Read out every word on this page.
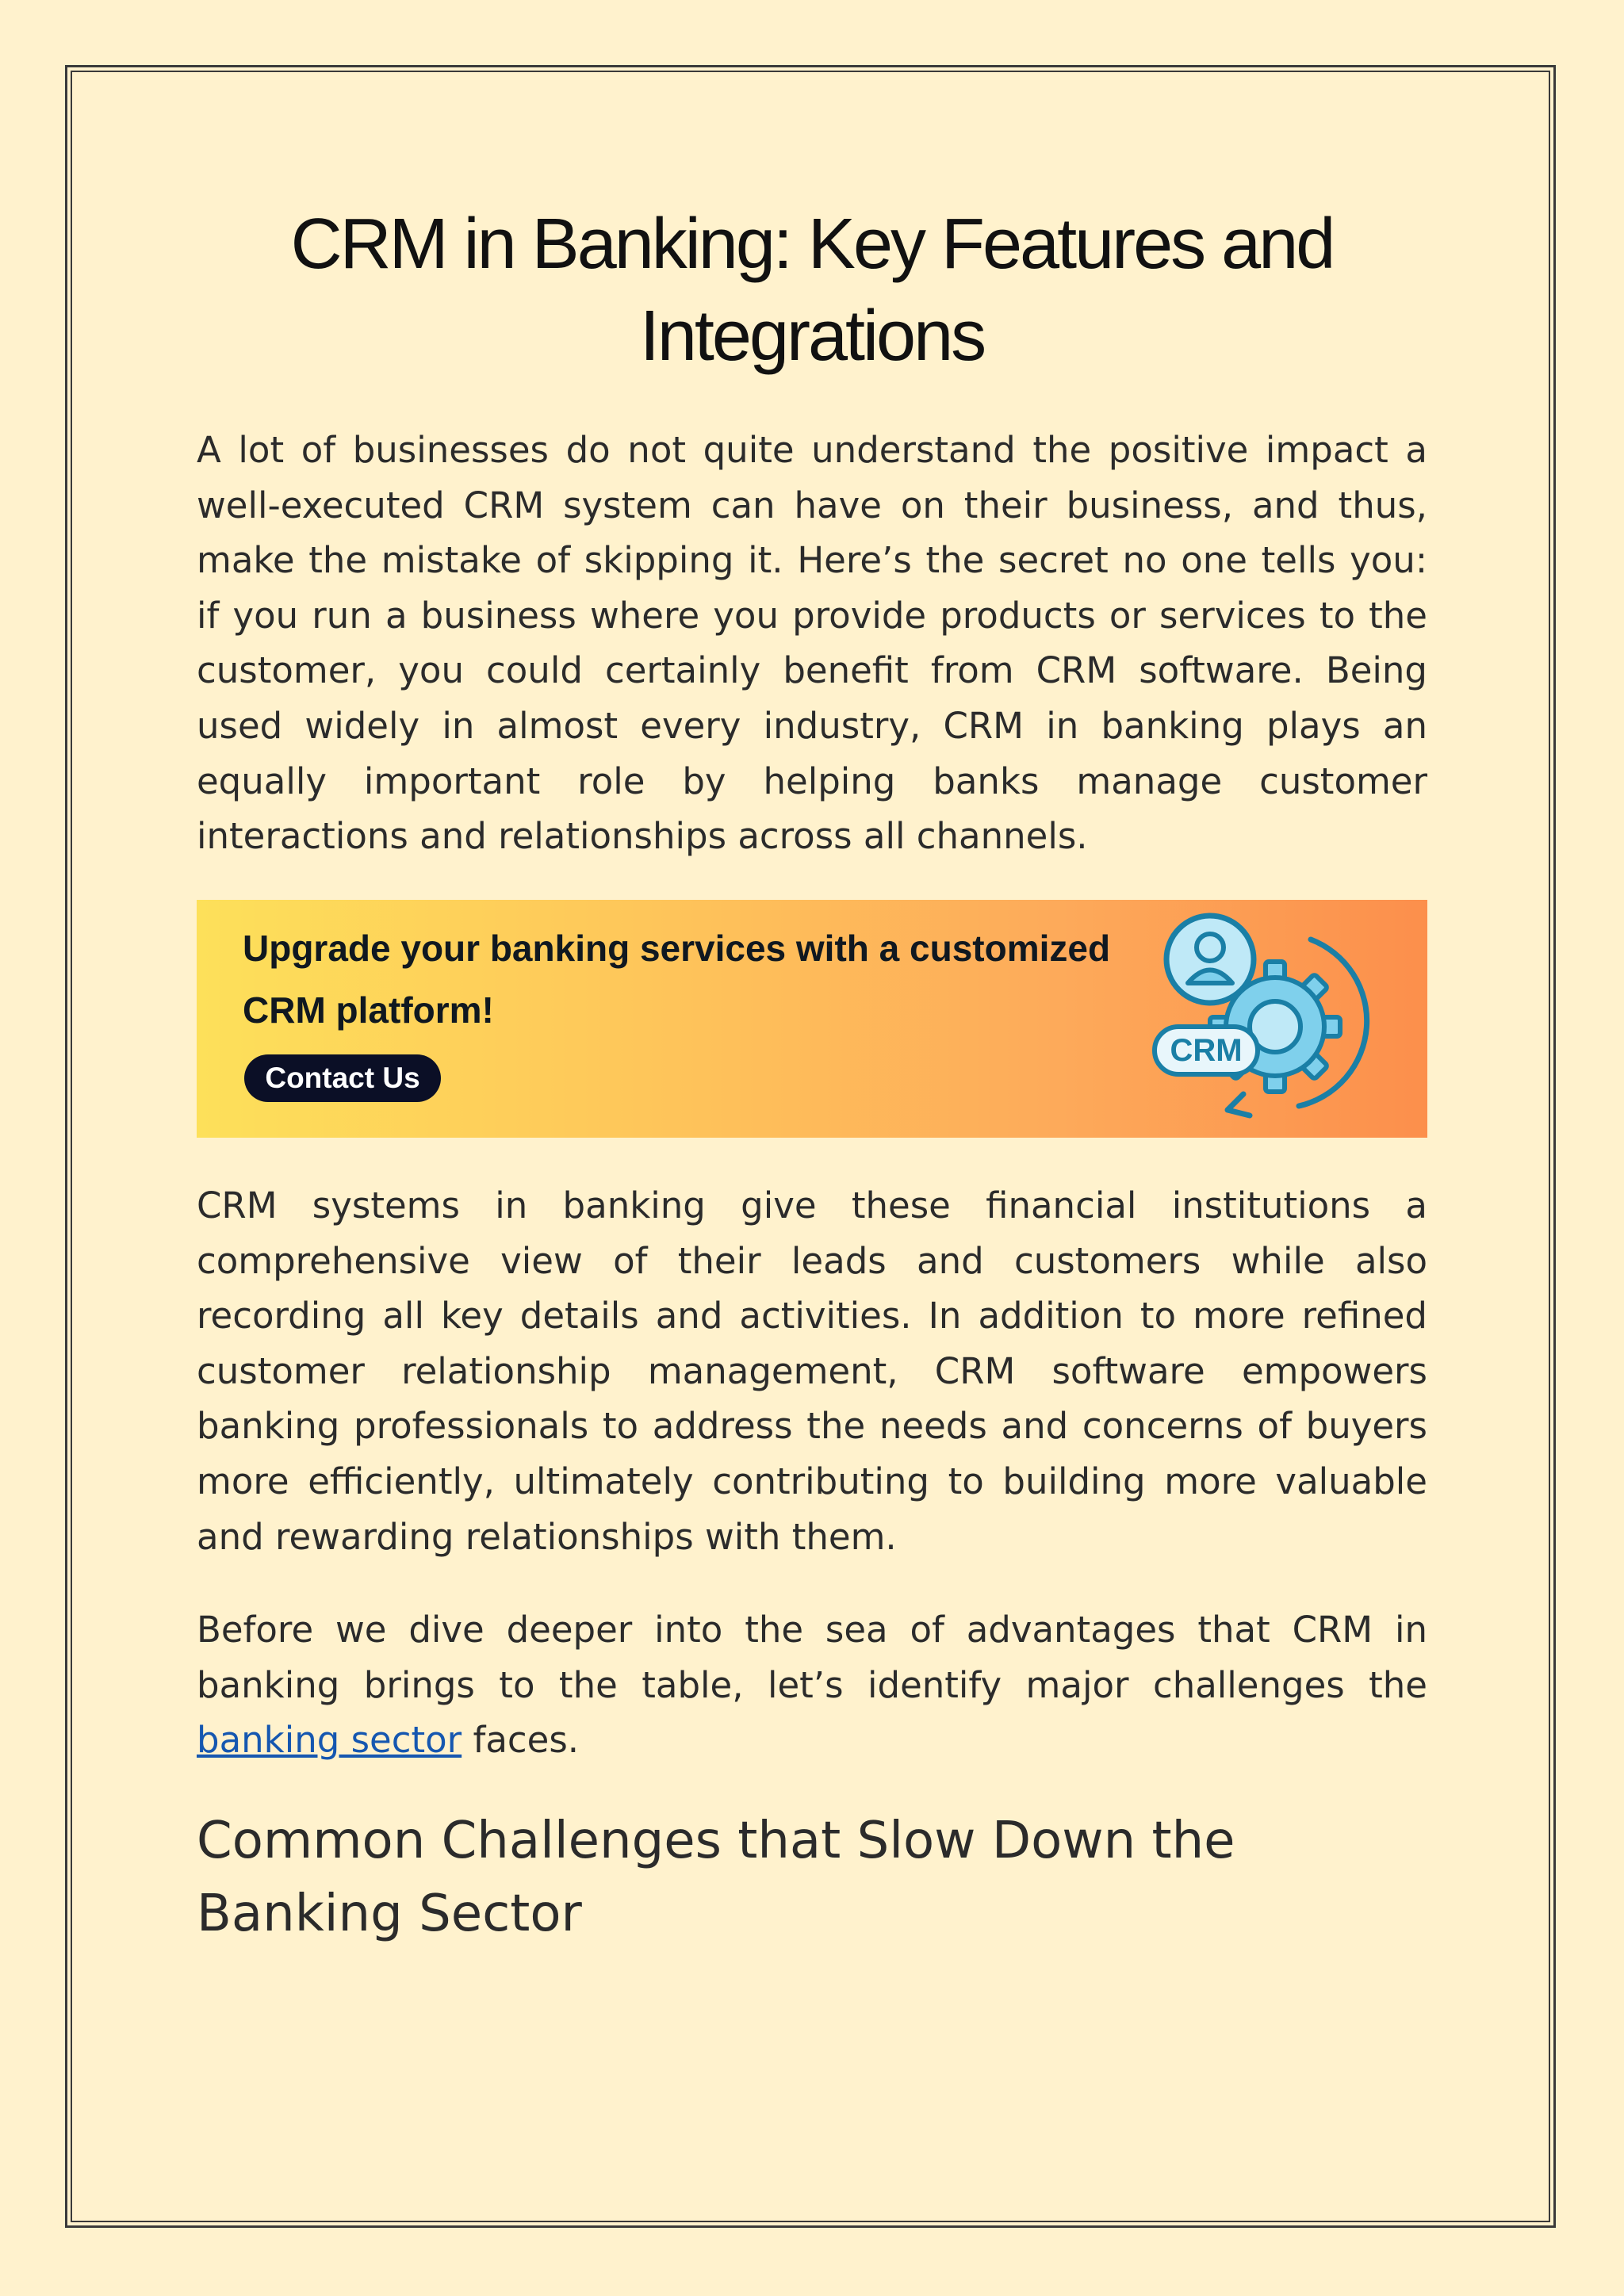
CRM in Banking: Key Features and Integrations

A lot of businesses do not quite understand the positive impact a well-executed CRM system can have on their business, and thus, make the mistake of skipping it. Here’s the secret no one tells you: if you run a business where you provide products or services to the customer, you could certainly benefit from CRM software. Being used widely in almost every industry, CRM in banking plays an equally important role by helping banks manage customer interactions and relationships across all channels.

Upgrade your banking services with a customized CRM platform!
Contact Us
CRM

CRM systems in banking give these financial institutions a comprehensive view of their leads and customers while also recording all key details and activities. In addition to more refined customer relationship management, CRM software empowers banking professionals to address the needs and concerns of buyers more efficiently, ultimately contributing to building more valuable and rewarding relationships with them.

Before we dive deeper into the sea of advantages that CRM in banking brings to the table, let’s identify major challenges the banking sector faces.

Common Challenges that Slow Down the Banking Sector
